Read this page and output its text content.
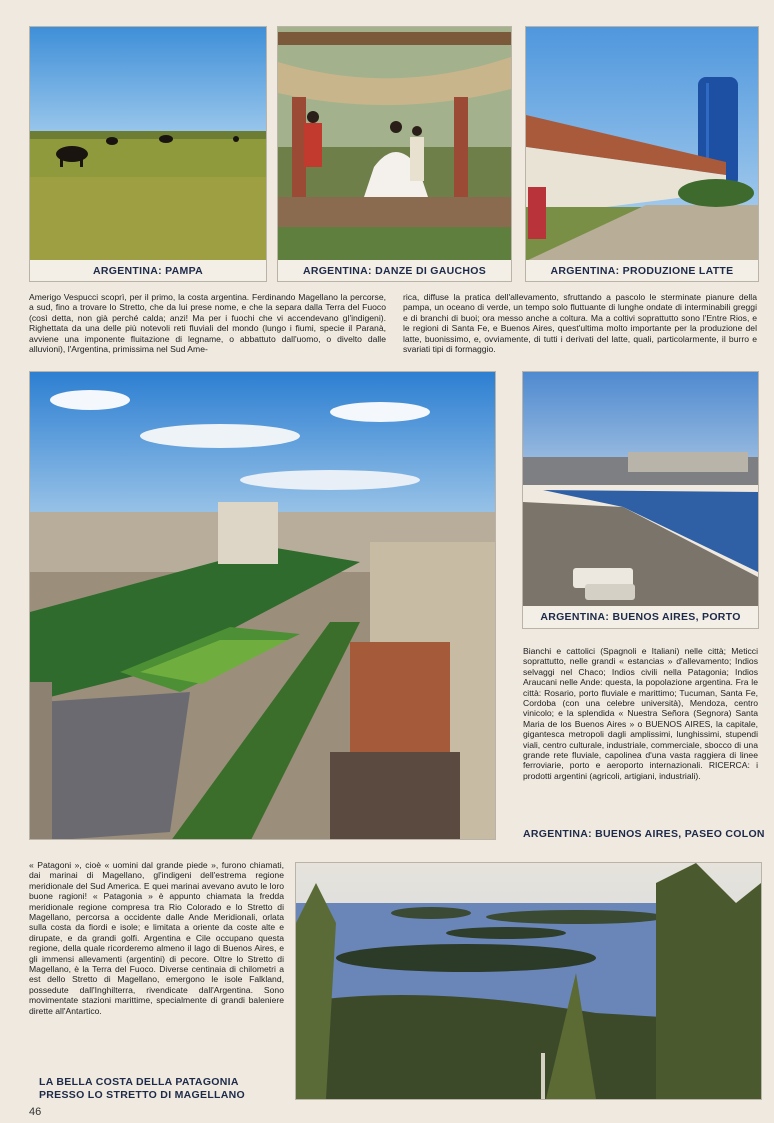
ARGENTINA: PAMPA	ARGENTINA: DANZE DI GAUCHOS	ARGENTINA: PRODUZIONE LATTE
Amerigo Vespucci scoprì, per il primo, la costa argentina. Ferdinando Magellano la percorse, a sud, fino a trovare lo Stretto, che da lui prese nome, e che la separa dalla Terra del Fuoco (così detta, non già perché calda; anzi! Ma per i fuochi che vi accendevano gl'indigeni). Righettata da una delle più notevoli reti fluviali del mondo (lungo i fiumi, specie il Paranà, avviene una imponente fluitazione di legname, o abbattuto dall'uomo, o divelto dalle alluvioni), l'Argentina, primissima nel Sud Ame-
rica, diffuse la pratica dell'allevamento, sfruttando a pascolo le sterminate pianure della pampa, un oceano di verde, un tempo solo fluttuante di lunghe ondate di interminabili greggi e di branchi di buoi; ora messo anche a coltura. Ma a coltivi soprattutto sono l'Entre Rios, e le regioni di Santa Fe, e Buenos Aires, quest'ultima molto importante per la produzione del latte, buonissimo, e, ovviamente, di tutti i derivati del latte, quali, particolarmente, il burro e svariati tipi di formaggio.
ARGENTINA: BUENOS AIRES, PORTO
Bianchi e cattolici (Spagnoli e Italiani) nelle città; Meticci soprattutto, nelle grandi « estancias » d'allevamento; Indios selvaggi nel Chaco; Indios civili nella Patagonia; Indios Araucani nelle Ande: questa, la popolazione argentina. Fra le città: Rosario, porto fluviale e marittimo; Tucuman, Santa Fe, Cordoba (con una celebre università), Mendoza, centro vinicolo; e la splendida « Nuestra Señora (Segnora) Santa Maria de los Buenos Aires » o BUENOS AIRES, la capitale, gigantesca metropoli dagli amplissimi, lunghissimi, stupendi viali, centro culturale, industriale, commerciale, sbocco di una grande rete fluviale, capolinea d'una vasta raggiera di linee ferroviarie, porto e aeroporto internazionali. RICERCA: i prodotti argentini (agricoli, artigiani, industriali).
ARGENTINA: BUENOS AIRES, PASEO COLON
« Patagoni », cioè « uomini dal grande piede », furono chiamati, dai marinai di Magellano, gl'indigeni dell'estrema regione meridionale del Sud America. E quei marinai avevano avuto le loro buone ragioni! « Patagonia » è appunto chiamata la fredda meridionale regione compresa tra Rio Colorado e lo Stretto di Magellano, percorsa a occidente dalle Ande Meridionali, orlata sulla costa da fiordi e isole; e limitata a oriente da coste alte e dirupate, e da grandi golfi. Argentina e Cile occupano questa regione, della quale ricorderemo almeno il lago di Buenos Aires, e gli immensi allevamenti (argentini) di pecore. Oltre lo Stretto di Magellano, è la Terra del Fuoco. Diverse centinaia di chilometri a est dello Stretto di Magellano, emergono le isole Falkland, possedute dall'Inghilterra, rivendicate dall'Argentina. Sono movimentate stazioni marittime, specialmente di grandi baleniere dirette all'Antartico.
LA BELLA COSTA DELLA PATAGONIA
PRESSO LO STRETTO DI MAGELLANO
46
